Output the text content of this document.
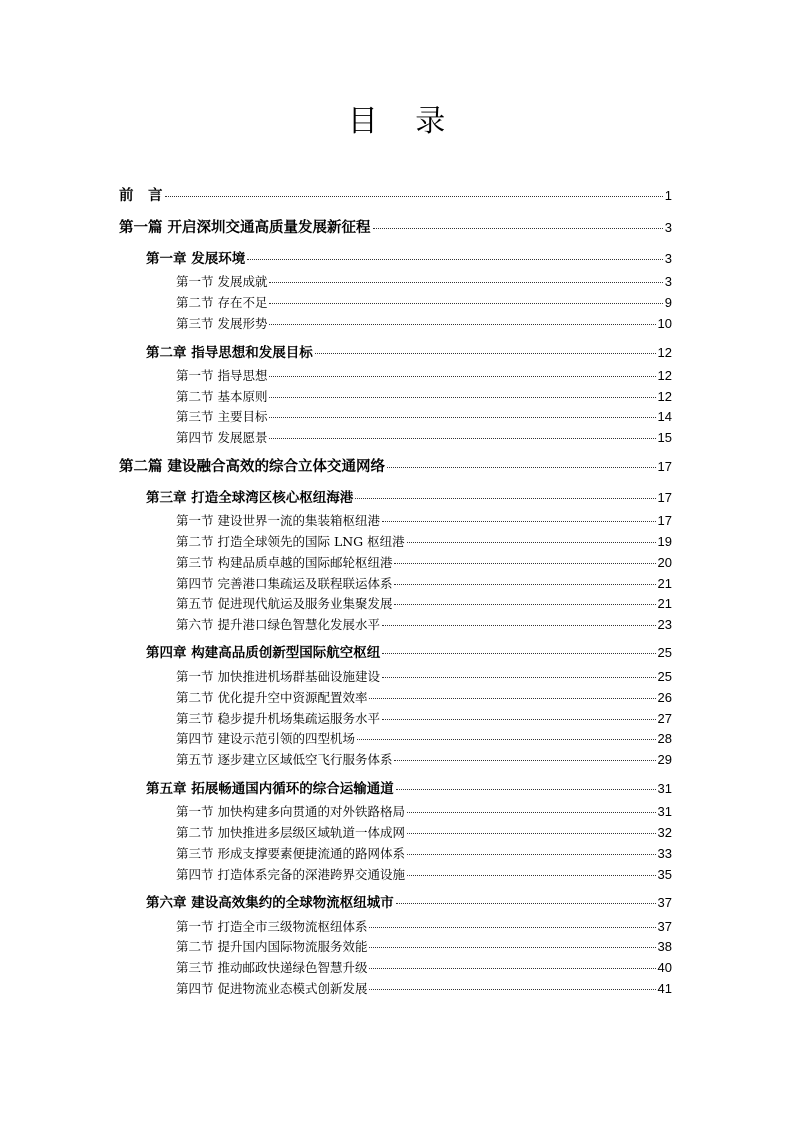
目 录
前　言	1
第一篇 开启深圳交通高质量发展新征程	3
第一章 发展环境	3
第一节 发展成就	3
第二节 存在不足	9
第三节 发展形势	10
第二章 指导思想和发展目标	12
第一节 指导思想	12
第二节 基本原则	12
第三节 主要目标	14
第四节 发展愿景	15
第二篇 建设融合高效的综合立体交通网络	17
第三章 打造全球湾区核心枢纽海港	17
第一节 建设世界一流的集装箱枢纽港	17
第二节 打造全球领先的国际 LNG 枢纽港	19
第三节 构建品质卓越的国际邮轮枢纽港	20
第四节 完善港口集疏运及联程联运体系	21
第五节 促进现代航运及服务业集聚发展	21
第六节 提升港口绿色智慧化发展水平	23
第四章 构建高品质创新型国际航空枢纽	25
第一节 加快推进机场群基础设施建设	25
第二节 优化提升空中资源配置效率	26
第三节 稳步提升机场集疏运服务水平	27
第四节 建设示范引领的四型机场	28
第五节 逐步建立区域低空飞行服务体系	29
第五章 拓展畅通国内循环的综合运输通道	31
第一节 加快构建多向贯通的对外铁路格局	31
第二节 加快推进多层级区域轨道一体成网	32
第三节 形成支撑要素便捷流通的路网体系	33
第四节 打造体系完备的深港跨界交通设施	35
第六章 建设高效集约的全球物流枢纽城市	37
第一节 打造全市三级物流枢纽体系	37
第二节 提升国内国际物流服务效能	38
第三节 推动邮政快递绿色智慧升级	40
第四节 促进物流业态模式创新发展	41
